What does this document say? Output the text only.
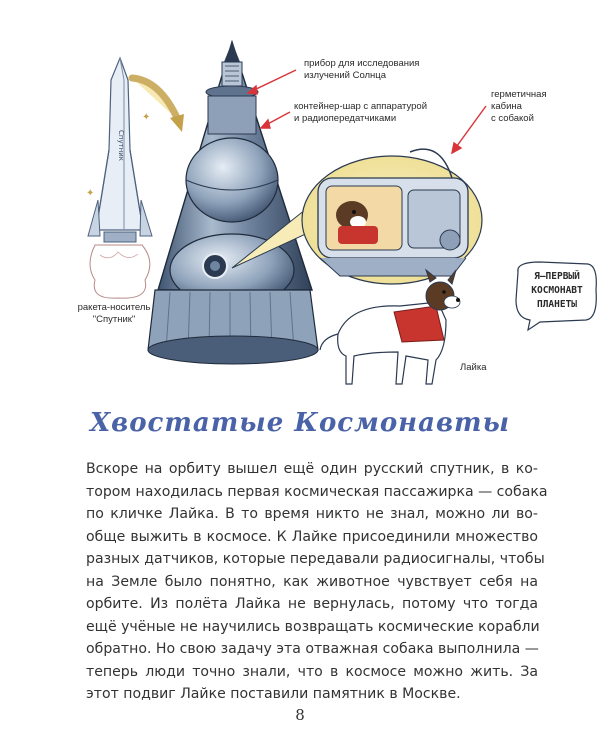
Спутник
✦
✦
прибор для исследования
излучений Солнца
контейнер-шар с аппаратурой
и радиопередатчиками
герметичная
кабина
с собакой
ракета-носитель
"Спутник"
Лайка
Я—ПЕРВЫЙ
КОСМОНАВТ
ПЛАНЕТЫ
Хвостатые Космонавты
Вскоре на орбиту вышел ещё один русский спутник, в ко-
тором находилась первая космическая пассажирка — собака
по кличке Лайка. В то время никто не знал, можно ли во-
обще выжить в космосе. К Лайке присоединили множество
разных датчиков, которые передавали радиосигналы, чтобы
на Земле было понятно, как животное чувствует себя на
орбите. Из полёта Лайка не вернулась, потому что тогда
ещё учёные не научились возвращать космические корабли
обратно. Но свою задачу эта отважная собака выполнила —
теперь люди точно знали, что в космосе можно жить. За
этот подвиг Лайке поставили памятник в Москве.
8
